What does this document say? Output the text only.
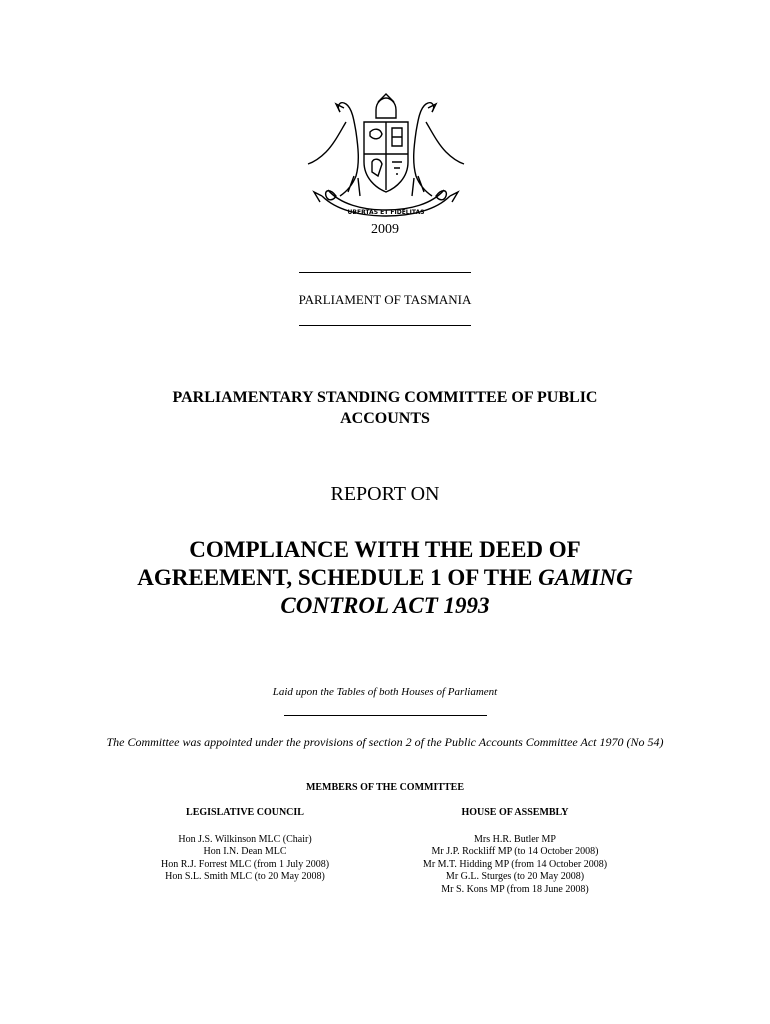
UBERTAS ET FIDELITAS
2009
PARLIAMENT OF TASMANIA
PARLIAMENTARY STANDING COMMITTEE OF PUBLIC ACCOUNTS
REPORT ON
COMPLIANCE WITH THE DEED OF
AGREEMENT, SCHEDULE 1 OF THE GAMING
CONTROL ACT 1993
Laid upon the Tables of both Houses of Parliament
The Committee was appointed under the provisions of section 2 of the Public Accounts Committee Act 1970 (No 54)
MEMBERS OF THE COMMITTEE
LEGISLATIVE COUNCIL
Hon J.S. Wilkinson MLC (Chair)
Hon I.N. Dean MLC
Hon R.J. Forrest MLC (from 1 July 2008)
Hon S.L. Smith MLC (to 20 May 2008)
HOUSE OF ASSEMBLY
Mrs H.R. Butler MP
Mr J.P. Rockliff MP (to 14 October 2008)
Mr M.T. Hidding MP (from 14 October 2008)
Mr G.L. Sturges (to 20 May 2008)
Mr S. Kons MP (from 18 June 2008)
